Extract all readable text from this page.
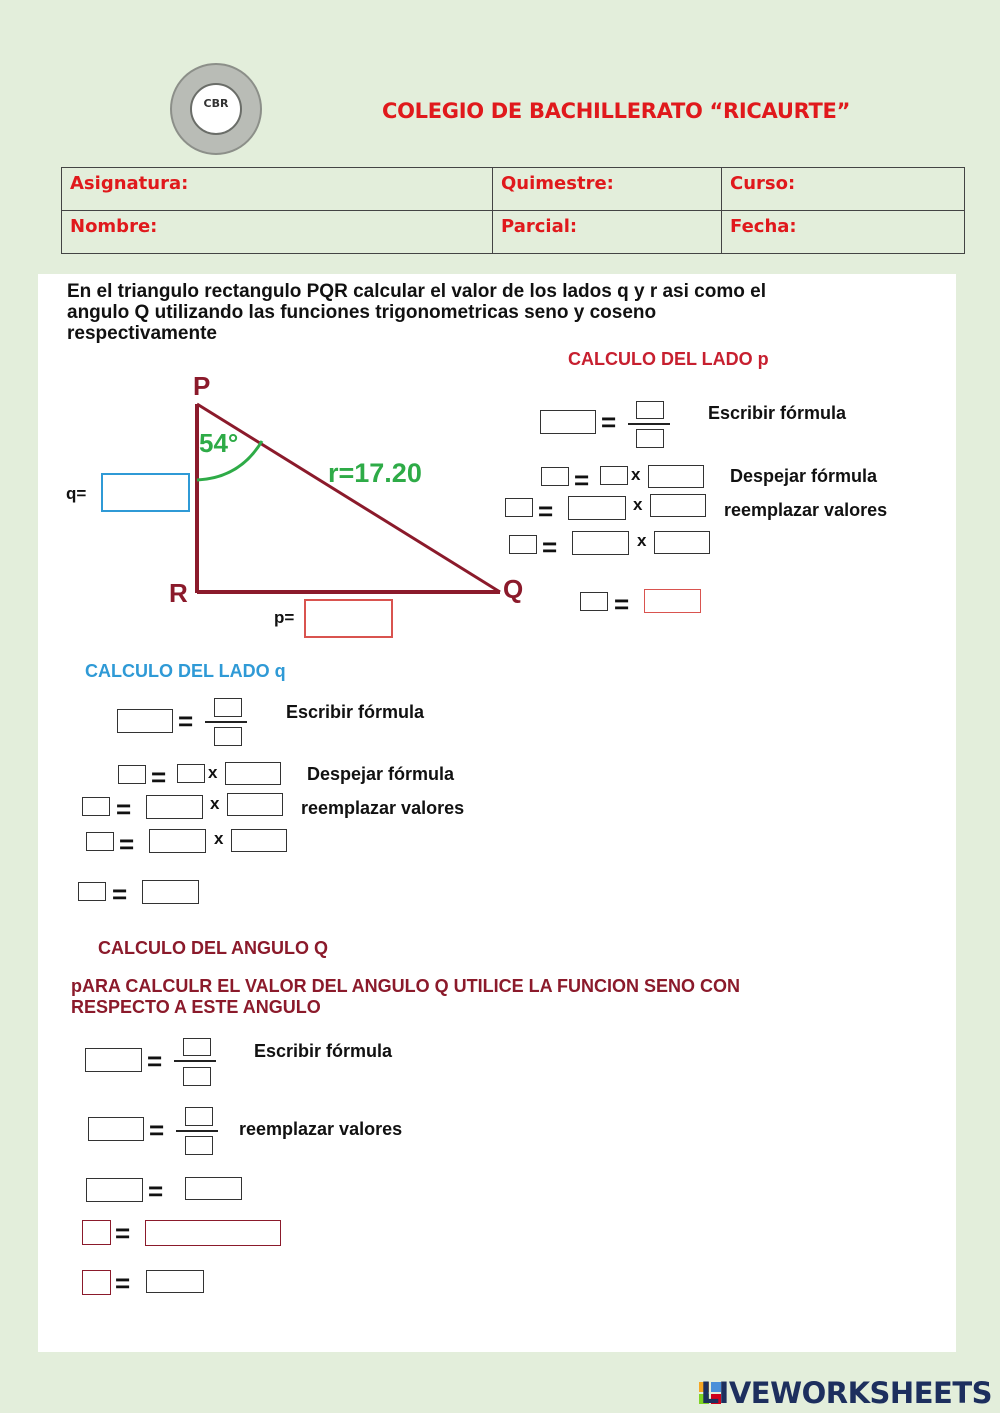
CBR	COLEGIO DE BACHILLERATO “RICAURTE”
Asignatura:	Quimestre:	Curso:
Nombre:	Parcial:	Fecha:
En el triangulo rectangulo PQR calcular el valor de los lados q y r asi como el
angulo Q utilizando las funciones trigonometricas seno y coseno
respectivamente
P
Q
R
54°
r=17.20
q=
p=
CALCULO DEL LADO p
=	Escribir fórmula
= x	Despejar fórmula
=	x	reemplazar valores
=	x
=
CALCULO DEL LADO q
=	Escribir fórmula
= x	Despejar fórmula
=	x	reemplazar valores
=	x
=
CALCULO DEL ANGULO Q
pARA CALCULR EL VALOR DEL ANGULO Q UTILICE LA FUNCION SENO CON
RESPECTO A ESTE ANGULO
=	Escribir fórmula
=	reemplazar valores
=
=
=
LIVEWORKSHEETS
